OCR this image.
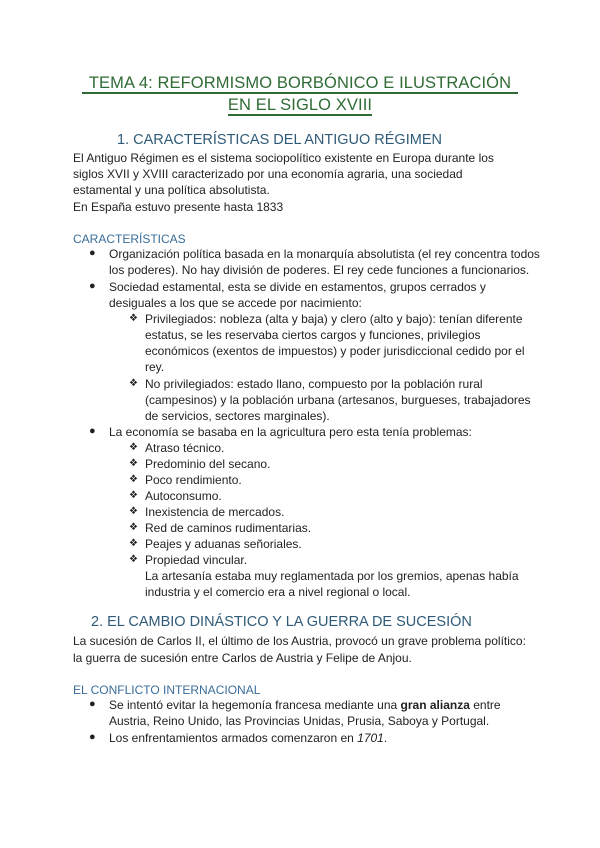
TEMA 4: REFORMISMO BORBÓNICO E ILUSTRACIÓN
EN EL SIGLO XVIII
1. CARACTERÍSTICAS DEL ANTIGUO RÉGIMEN
El Antiguo Régimen es el sistema sociopolítico existente en Europa durante los
siglos XVII y XVIII caracterizado por una economía agraria, una sociedad
estamental y una política absolutista.
En España estuvo presente hasta 1833
CARACTERÍSTICAS
● Organización política basada en la monarquía absolutista (el rey concentra todos
los poderes). No hay división de poderes. El rey cede funciones a funcionarios.
● Sociedad estamental, esta se divide en estamentos, grupos cerrados y
desiguales a los que se accede por nacimiento:
❖ Privilegiados: nobleza (alta y baja) y clero (alto y bajo): tenían diferente
estatus, se les reservaba ciertos cargos y funciones, privilegios
económicos (exentos de impuestos) y poder jurisdiccional cedido por el
rey.
❖ No privilegiados: estado llano, compuesto por la población rural
(campesinos) y la población urbana (artesanos, burgueses, trabajadores
de servicios, sectores marginales).
● La economía se basaba en la agricultura pero esta tenía problemas:
❖ Atraso técnico.
❖ Predominio del secano.
❖ Poco rendimiento.
❖ Autoconsumo.
❖ Inexistencia de mercados.
❖ Red de caminos rudimentarias.
❖ Peajes y aduanas señoriales.
❖ Propiedad vincular.
La artesanía estaba muy reglamentada por los gremios, apenas había
industria y el comercio era a nivel regional o local.
2. EL CAMBIO DINÁSTICO Y LA GUERRA DE SUCESIÓN
La sucesión de Carlos II, el último de los Austria, provocó un grave problema político:
la guerra de sucesión entre Carlos de Austria y Felipe de Anjou.
EL CONFLICTO INTERNACIONAL
● Se intentó evitar la hegemonía francesa mediante una gran alianza entre
Austria, Reino Unido, las Provincias Unidas, Prusia, Saboya y Portugal.
● Los enfrentamientos armados comenzaron en 1701.
